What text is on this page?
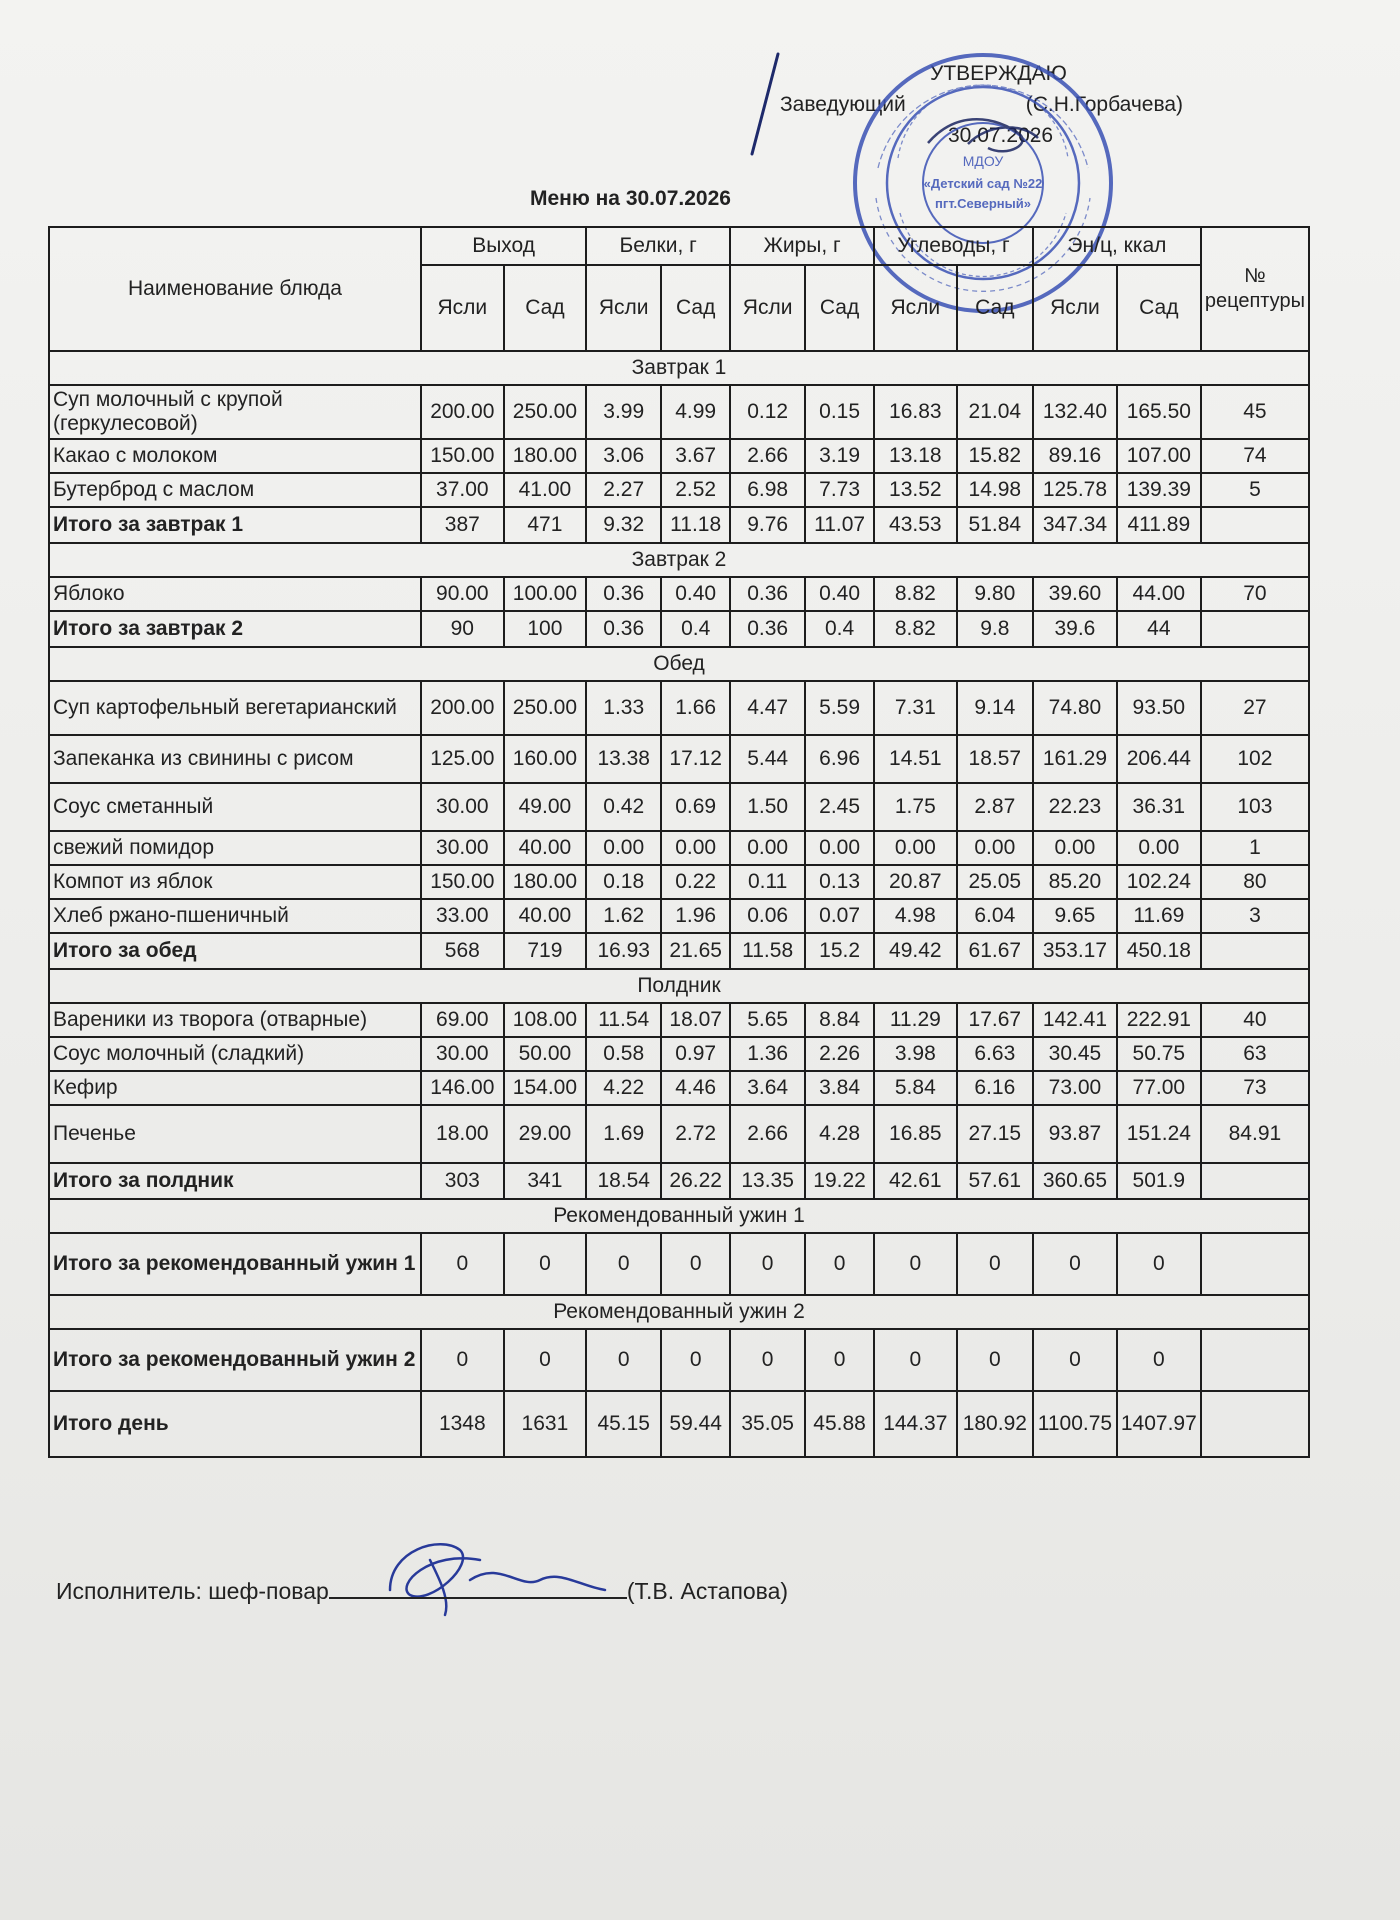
УТВЕРЖДАЮ
Заведующий	(С.Н.Горбачева)
30.07.2026
МДОУ
«Детский сад №22
пгт.Северный»
Меню на 30.07.2026
Наименование блюда	Выход		Белки, г		Жиры, г		Углеводы, г		Эн/ц, ккал		№ рецептуры
	Ясли	Сад	Ясли	Сад	Ясли	Сад	Ясли	Сад	Ясли	Сад	
Завтрак 1											
Суп молочный с крупой (геркулесовой)	200.00	250.00	3.99	4.99	0.12	0.15	16.83	21.04	132.40	165.50	45
Какао с молоком	150.00	180.00	3.06	3.67	2.66	3.19	13.18	15.82	89.16	107.00	74
Бутерброд с маслом	37.00	41.00	2.27	2.52	6.98	7.73	13.52	14.98	125.78	139.39	5
Итого за завтрак 1	387	471	9.32	11.18	9.76	11.07	43.53	51.84	347.34	411.89	
Завтрак 2											
Яблоко	90.00	100.00	0.36	0.40	0.36	0.40	8.82	9.80	39.60	44.00	70
Итого за завтрак 2	90	100	0.36	0.4	0.36	0.4	8.82	9.8	39.6	44	
Обед											
Суп картофельный вегетарианский	200.00	250.00	1.33	1.66	4.47	5.59	7.31	9.14	74.80	93.50	27
Запеканка из свинины с рисом	125.00	160.00	13.38	17.12	5.44	6.96	14.51	18.57	161.29	206.44	102
Соус сметанный	30.00	49.00	0.42	0.69	1.50	2.45	1.75	2.87	22.23	36.31	103
свежий помидор	30.00	40.00	0.00	0.00	0.00	0.00	0.00	0.00	0.00	0.00	1
Компот из яблок	150.00	180.00	0.18	0.22	0.11	0.13	20.87	25.05	85.20	102.24	80
Хлеб ржано-пшеничный	33.00	40.00	1.62	1.96	0.06	0.07	4.98	6.04	9.65	11.69	3
Итого за обед	568	719	16.93	21.65	11.58	15.2	49.42	61.67	353.17	450.18	
Полдник											
Вареники из творога (отварные)	69.00	108.00	11.54	18.07	5.65	8.84	11.29	17.67	142.41	222.91	40
Соус молочный (сладкий)	30.00	50.00	0.58	0.97	1.36	2.26	3.98	6.63	30.45	50.75	63
Кефир	146.00	154.00	4.22	4.46	3.64	3.84	5.84	6.16	73.00	77.00	73
Печенье	18.00	29.00	1.69	2.72	2.66	4.28	16.85	27.15	93.87	151.24	84.91
Итого за полдник	303	341	18.54	26.22	13.35	19.22	42.61	57.61	360.65	501.9	
Рекомендованный ужин 1											
Итого за рекомендованный ужин 1	0	0	0	0	0	0	0	0	0	0	
Рекомендованный ужин 2											
Итого за рекомендованный ужин 2	0	0	0	0	0	0	0	0	0	0	
Итого день	1348	1631	45.15	59.44	35.05	45.88	144.37	180.92	1100.75	1407.97	
Исполнитель: шеф-повар	(Т.В. Астапова)
